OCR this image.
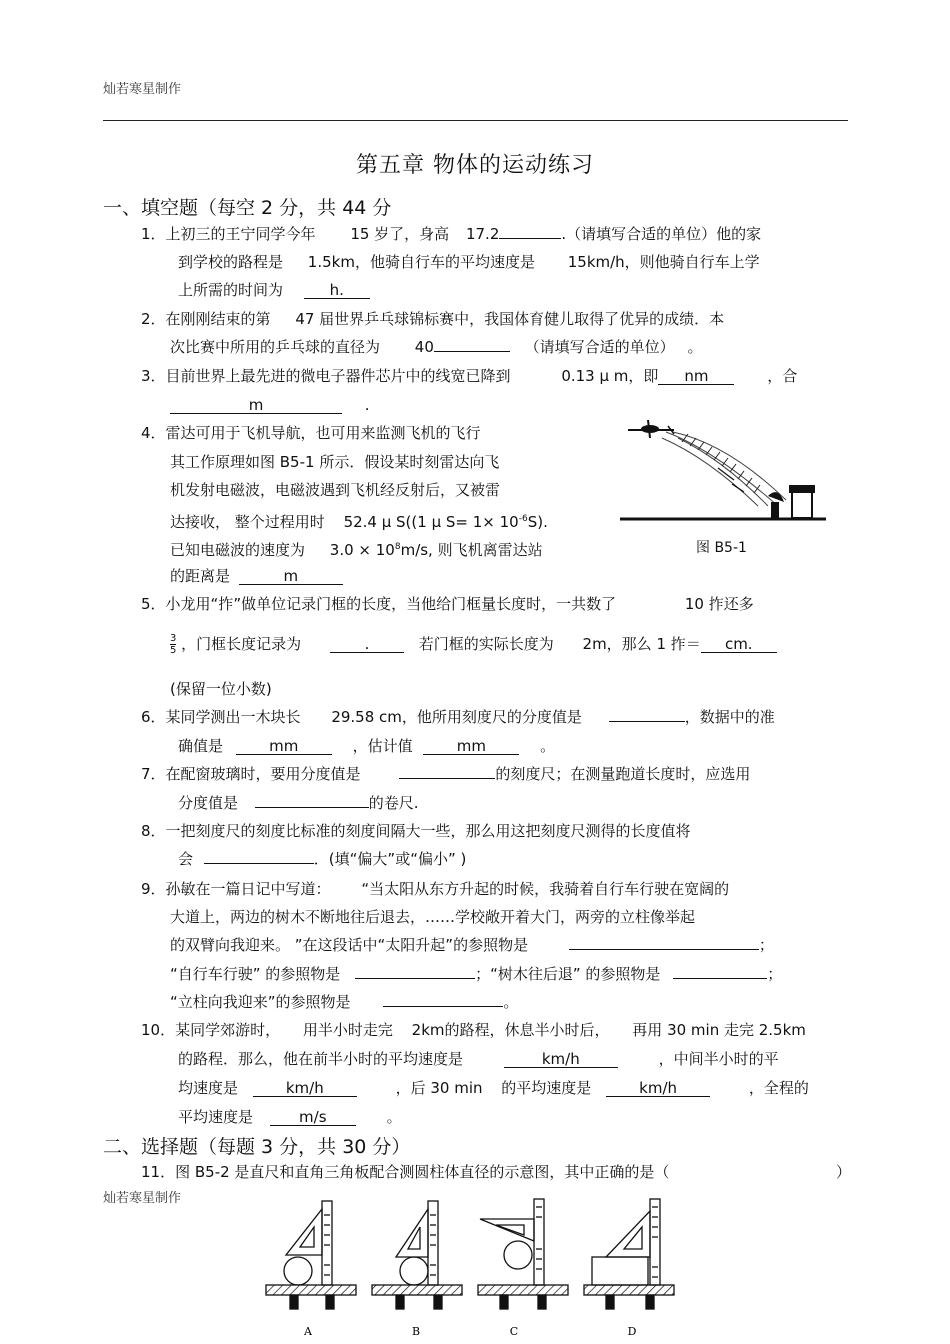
灿若寒星制作
第五章 物体的运动练习
一、填空题（每空 2 分，共 44 分
1．上初三的王宁同学今年 15 岁了，身高 17.2	.（请填写合适的单位）他的家
到学校的路程是 1.5km，他骑自行车的平均速度是 15km/h，则他骑自行车上学
上所需的时间为	h.
2．在刚刚结束的第 47 届世界乒乓球锦标赛中，我国体育健儿取得了优异的成绩．本
次比赛中所用的乒乓球的直径为 40	（请填写合适的单位） 。
3．目前世界上最先进的微电子器件芯片中的线宽已降到	0.13 μ m，即 nm	，合
m	.
4．雷达可用于飞机导航，也可用来监测飞机的飞行
其工作原理如图 B5-1 所示．假设某时刻雷达向飞
机发射电磁波，电磁波遇到飞机经反射后，又被雷
达接收， 整个过程用时 52.4 μ S((1 μ $S= 1\times 10^{-6}S$).
已知电磁波的速度为 $3.0 \times 10^8m/s$, 则飞机离雷达站
的距离是	m
图 B5-1
5．小龙用“拃”做单位记录门框的长度，当他给门框量长度时，一共数了	10 拃还多
$\frac{3}{5}$ ，门框长度记录为	.	若门框的实际长度为 2m，那么 1 拃＝ cm.
(保留一位小数)
6．某同学测出一木块长 29.58 cm，他所用刻度尺的分度值是	，数据中的准
确值是	mm	，估计值	mm	。
7．在配窗玻璃时，要用分度值是	的刻度尺；在测量跑道长度时，应选用
分度值是	的卷尺.
8．一把刻度尺的刻度比标准的刻度间隔大一些，那么用这把刻度尺测得的长度值将
会	．(填“偏大”或“偏小” )
9．孙敏在一篇日记中写道： “当太阳从东方升起的时候，我骑着自行车行驶在宽阔的
大道上，两边的树木不断地往后退去，……学校敞开着大门，两旁的立柱像举起
的双臂向我迎来。 ”在这段话中“太阳升起”的参照物是	；
“自行车行驶” 的参照物是	；“树木往后退” 的参照物是	；
“立柱向我迎来”的参照物是	。
10．某同学郊游时， 用半小时走完 2km的路程，休息半小时后， 再用 30 min 走完 2.5km
的路程．那么，他在前半小时的平均速度是	km/h	，中间半小时的平
均速度是	km/h	，后 30 min 的平均速度是	km/h	，全程的
平均速度是	m/s	。
二、选择题（每题 3 分，共 30 分）
11．图 B5-2 是直尺和直角三角板配合测圆柱体直径的示意图，其中正确的是（	）
灿若寒星制作
A	B	C	D
